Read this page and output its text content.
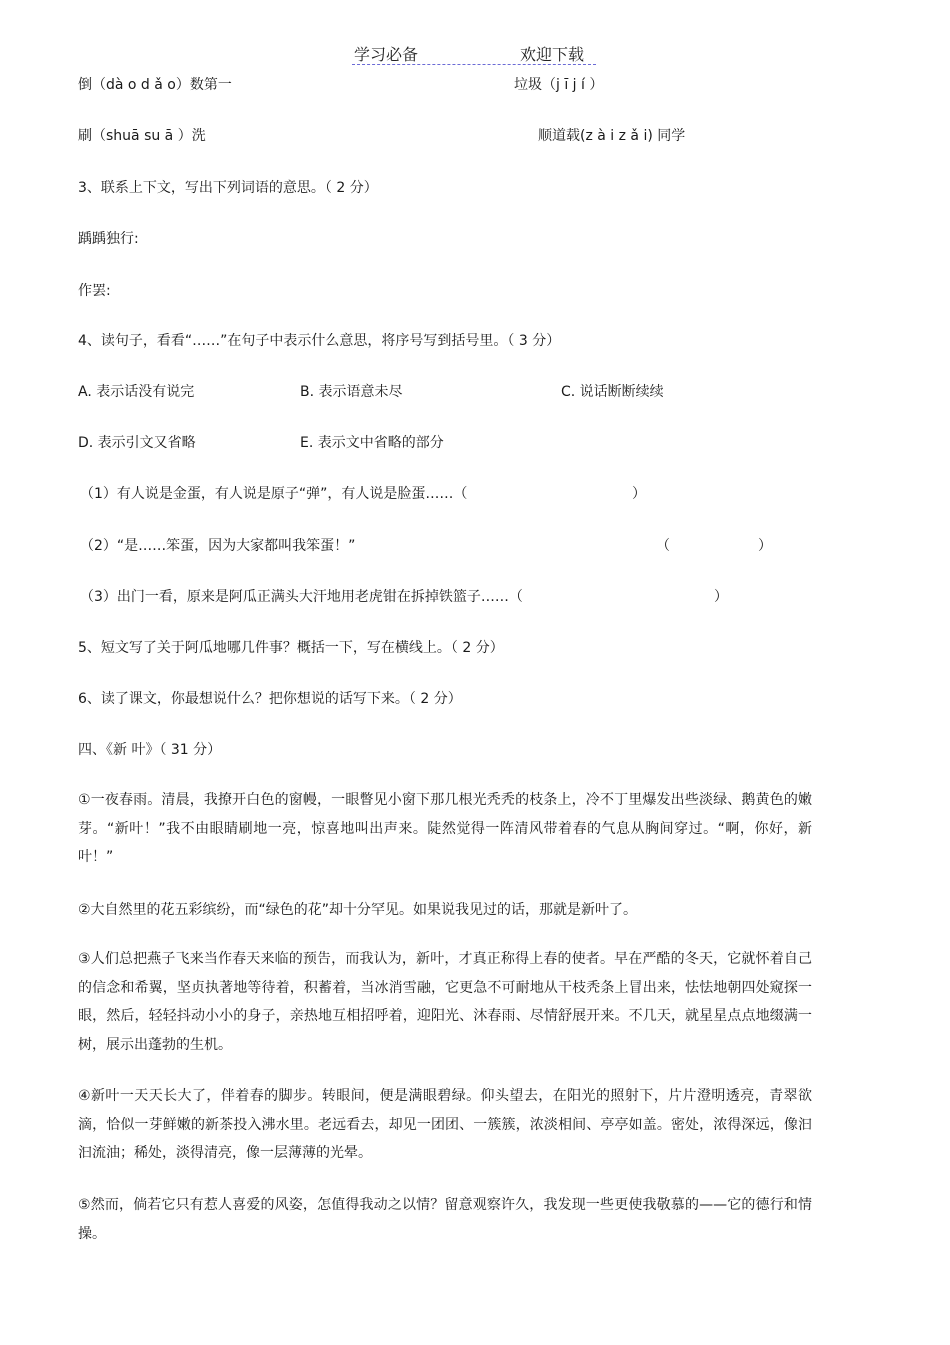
学习必备	欢迎下载
倒（dà o d ǎ o）数第一	垃圾（j ī j í ）
刷（shuā su ā ）洗	顺道载(z à i z ǎ i) 同学
3、联系上下文，写出下列词语的意思。（ 2 分）
踽踽独行:
作罢:
4、读句子，看看“……”在句子中表示什么意思，将序号写到括号里。（ 3 分）
A. 表示话没有说完	B. 表示语意未尽	C. 说话断断续续
D. 表示引文又省略	E. 表示文中省略的部分
（1）有人说是金蛋，有人说是原子“弹”，有人说是脸蛋……（	）
（2）“是……笨蛋，因为大家都叫我笨蛋！”	（	）
（3）出门一看，原来是阿瓜正满头大汗地用老虎钳在拆掉铁篮子……（	）
5、短文写了关于阿瓜地哪几件事？概括一下，写在横线上。（ 2 分）
6、读了课文，你最想说什么？把你想说的话写下来。（ 2 分）
四、《新 叶》（ 31 分）
①一夜春雨。清晨，我撩开白色的窗幔，一眼瞥见小窗下那几根光秃秃的枝条上，冷不丁里爆发出些淡绿、鹅黄色的嫩芽。“新叶！”我不由眼睛刷地一亮，惊喜地叫出声来。陡然觉得一阵清风带着春的气息从胸间穿过。“啊，你好，新叶！”
②大自然里的花五彩缤纷，而“绿色的花”却十分罕见。如果说我见过的话，那就是新叶了。
③人们总把燕子飞来当作春天来临的预告，而我认为，新叶，才真正称得上春的使者。早在严酷的冬天，它就怀着自己的信念和希翼，坚贞执著地等待着，积蓄着，当冰消雪融，它更急不可耐地从干枝秃条上冒出来，怯怯地朝四处窥探一眼，然后，轻轻抖动小小的身子，亲热地互相招呼着，迎阳光、沐春雨、尽情舒展开来。不几天，就星星点点地缀满一树，展示出蓬勃的生机。
④新叶一天天长大了，伴着春的脚步。转眼间，便是满眼碧绿。仰头望去，在阳光的照射下，片片澄明透亮，青翠欲滴，恰似一芽鲜嫩的新茶投入沸水里。老远看去，却见一团团、一簇簇，浓淡相间、亭亭如盖。密处，浓得深远，像汩汩流油；稀处，淡得清亮，像一层薄薄的光晕。
⑤然而，倘若它只有惹人喜爱的风姿，怎值得我动之以情？留意观察许久，我发现一些更使我敬慕的——它的德行和情操。
